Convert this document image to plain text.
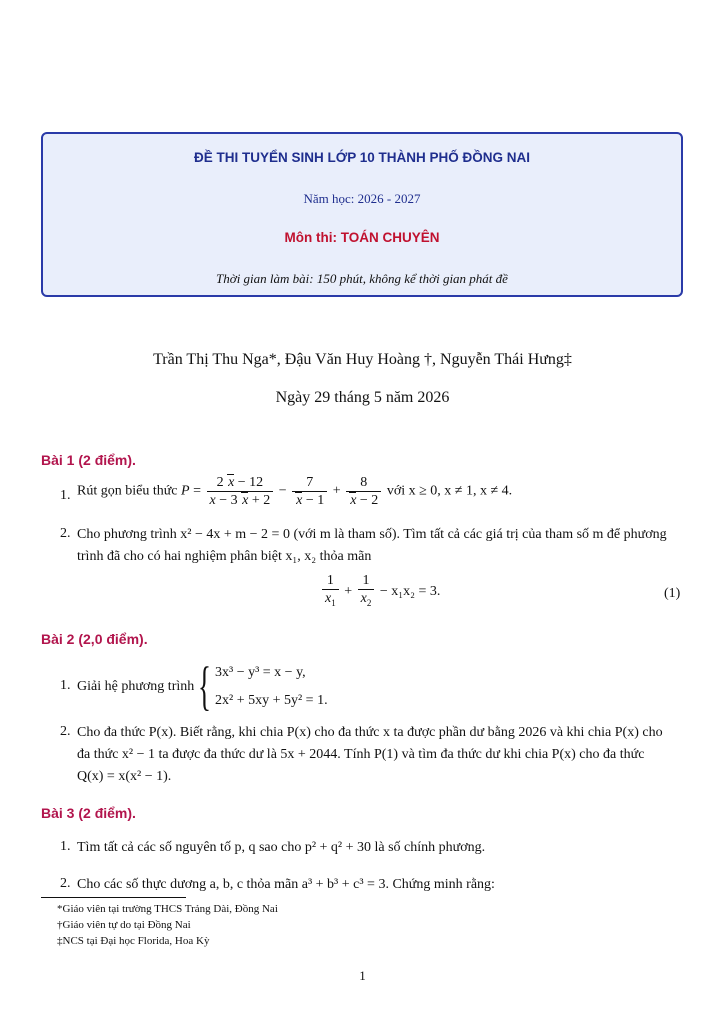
ĐỀ THI TUYỂN SINH LỚP 10 THÀNH PHỐ ĐỒNG NAI
Năm học: 2026 - 2027
Môn thi: TOÁN CHUYÊN
Thời gian làm bài: 150 phút, không kể thời gian phát đề
Trần Thị Thu Nga*, Đậu Văn Huy Hoàng †, Nguyễn Thái Hưng‡
Ngày 29 tháng 5 năm 2026
Bài 1 (2 điểm).
1. Rút gọn biểu thức $P = \frac{2 x - 12}{x - 3 x + 2} - \frac{7}{x - 1} + \frac{8}{x - 2}$ với x ≥ 0, x ≠ 1, x ≠ 4.
2. Cho phương trình x² − 4x + m − 2 = 0 (với m là tham số). Tìm tất cả các giá trị của tham số m để phương
trình đã cho có hai nghiệm phân biệt x₁, x₂ thỏa mãn
$\frac{1}{x_1} + \frac{1}{x_2} - x_1x_2 = 3$.	(1)
Bài 2 (2,0 điểm).
1. Giải hệ phương trình { 3x³ − y³ = x − y,
2x² + 5xy + 5y² = 1.
2. Cho đa thức P(x). Biết rằng, khi chia P(x) cho đa thức x ta được phần dư bằng 2026 và khi chia P(x) cho
đa thức x² − 1 ta được đa thức dư là 5x + 2044. Tính P(1) và tìm đa thức dư khi chia P(x) cho đa thức
Q(x) = x(x² − 1).
Bài 3 (2 điểm).
1. Tìm tất cả các số nguyên tố p, q sao cho p² + q² + 30 là số chính phương.
2. Cho các số thực dương a, b, c thỏa mãn a³ + b³ + c³ = 3. Chứng minh rằng:
*Giáo viên tại trường THCS Trảng Dài, Đồng Nai
†Giáo viên tự do tại Đồng Nai
‡NCS tại Đại học Florida, Hoa Kỳ
1
